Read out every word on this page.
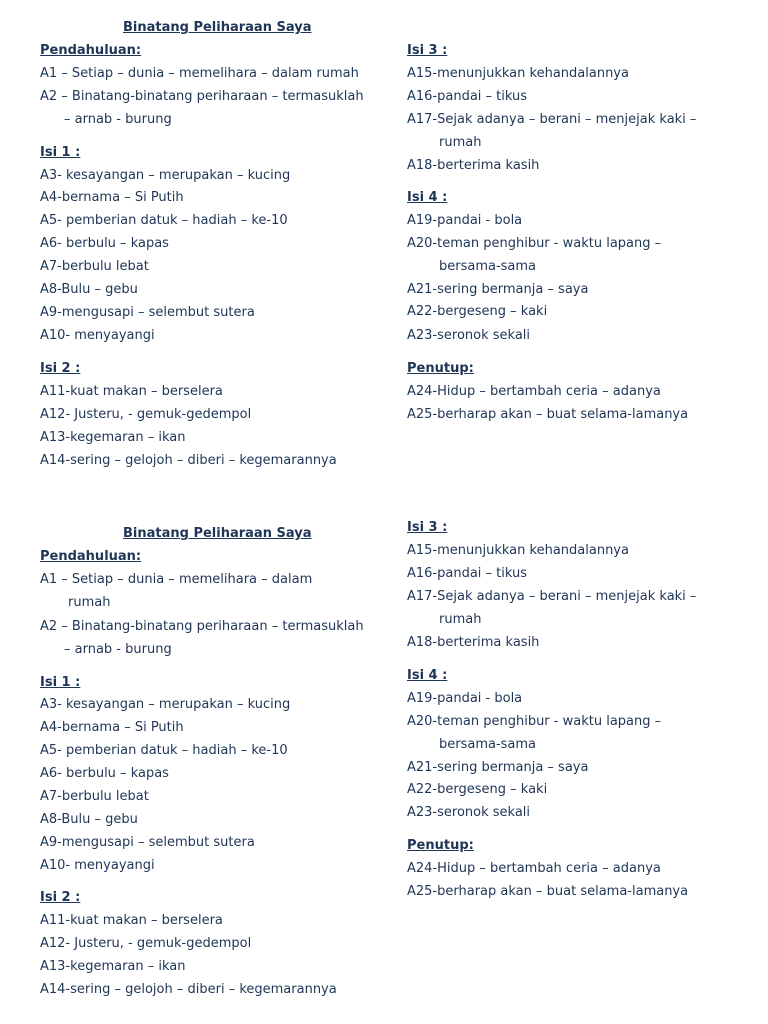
Binatang Peliharaan Saya
Pendahuluan:
A1 – Setiap – dunia – memelihara – dalam rumah
A2 – Binatang-binatang periharaan – termasuklah
– arnab - burung
Isi 1 :
A3- kesayangan – merupakan – kucing
A4-bernama – Si Putih
A5- pemberian datuk – hadiah – ke-10
A6- berbulu – kapas
A7-berbulu lebat
A8-Bulu – gebu
A9-mengusapi – selembut sutera
A10- menyayangi
Isi 2 :
A11-kuat makan – berselera
A12- Justeru, - gemuk-gedempol
A13-kegemaran – ikan
A14-sering – gelojoh – diberi – kegemarannya
Isi 3 :
A15-menunjukkan kehandalannya
A16-pandai – tikus
A17-Sejak adanya – berani – menjejak kaki –
rumah
A18-berterima kasih
Isi 4 :
A19-pandai - bola
A20-teman penghibur - waktu lapang –
bersama-sama
A21-sering bermanja – saya
A22-bergeseng – kaki
A23-seronok sekali
Penutup:
A24-Hidup – bertambah ceria – adanya
A25-berharap akan – buat selama-lamanya
Binatang Peliharaan Saya
Pendahuluan:
A1 – Setiap – dunia – memelihara – dalam
rumah
A2 – Binatang-binatang periharaan – termasuklah
– arnab - burung
Isi 1 :
A3- kesayangan – merupakan – kucing
A4-bernama – Si Putih
A5- pemberian datuk – hadiah – ke-10
A6- berbulu – kapas
A7-berbulu lebat
A8-Bulu – gebu
A9-mengusapi – selembut sutera
A10- menyayangi
Isi 2 :
A11-kuat makan – berselera
A12- Justeru, - gemuk-gedempol
A13-kegemaran – ikan
A14-sering – gelojoh – diberi – kegemarannya
Isi 3 :
A15-menunjukkan kehandalannya
A16-pandai – tikus
A17-Sejak adanya – berani – menjejak kaki –
rumah
A18-berterima kasih
Isi 4 :
A19-pandai - bola
A20-teman penghibur - waktu lapang –
bersama-sama
A21-sering bermanja – saya
A22-bergeseng – kaki
A23-seronok sekali
Penutup:
A24-Hidup – bertambah ceria – adanya
A25-berharap akan – buat selama-lamanya
